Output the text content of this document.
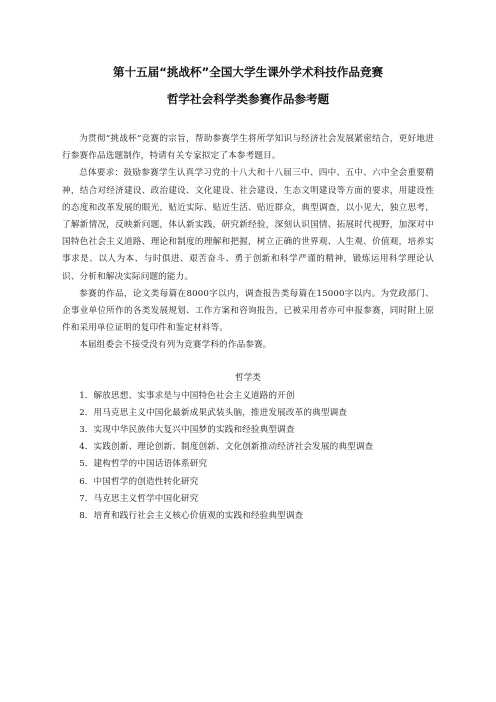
第十五届“挑战杯”全国大学生课外学术科技作品竞赛
哲学社会科学类参赛作品参考题

为贯彻“挑战杯”竞赛的宗旨，帮助参赛学生将所学知识与经济社会发展紧密结合，更好地进行参赛作品选题制作，特请有关专家拟定了本参考题目。

总体要求：鼓励参赛学生认真学习党的十八大和十八届三中、四中、五中、六中全会重要精神，结合对经济建设、政治建设、文化建设、社会建设、生态文明建设等方面的要求，用建设性的态度和改革发展的眼光，贴近实际、贴近生活、贴近群众，典型调查，以小见大，独立思考，了解新情况，反映新问题，体认新实践，研究新经验，深刻认识国情、拓展时代视野，加深对中国特色社会主义道路、理论和制度的理解和把握，树立正确的世界观、人生观、价值观，培养实事求是、以人为本、与时俱进、艰苦奋斗、勇于创新和科学严谨的精神，锻炼运用科学理论认识、分析和解决实际问题的能力。

参赛的作品，论文类每篇在8000字以内，调查报告类每篇在15000字以内。为党政部门、企事业单位所作的各类发展规划、工作方案和咨询报告，已被采用者亦可申报参赛，同时附上原件和采用单位证明的复印件和鉴定材料等。

本届组委会不接受没有列为竞赛学科的作品参赛。

哲学类
1．解放思想、实事求是与中国特色社会主义道路的开创
2．用马克思主义中国化最新成果武装头脑，推进发展改革的典型调查
3．实现中华民族伟大复兴中国梦的实践和经验典型调查
4．实践创新、理论创新、制度创新、文化创新推动经济社会发展的典型调查
5．建构哲学的中国话语体系研究
6．中国哲学的创造性转化研究
7．马克思主义哲学中国化研究
8．培育和践行社会主义核心价值观的实践和经验典型调查
